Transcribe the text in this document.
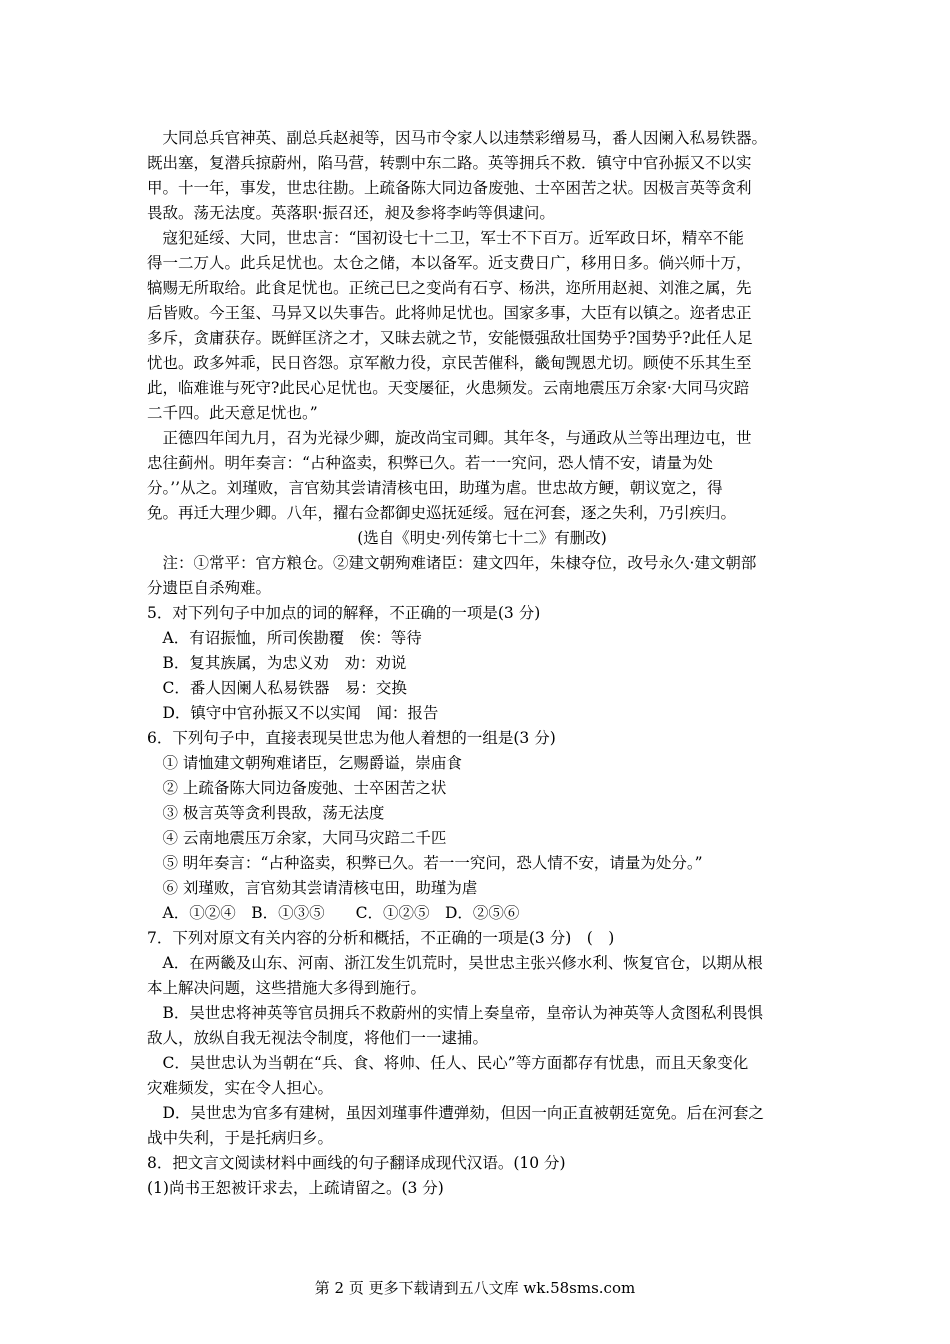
　大同总兵官神英、副总兵赵昶等，因马市令家人以违禁彩缯易马，番人因阑入私易铁器。
既出塞，复潜兵掠蔚州，陷马营，转剽中东二路。英等拥兵不救．镇守中官孙振又不以实
甲。十一年，事发，世忠往勘。上疏备陈大同边备废弛、士卒困苦之状。因极言英等贪利
畏敌。荡无法度。英落职·振召还，昶及参将李屿等俱逮问。
　寇犯延绥、大同，世忠言：“国初设七十二卫，军士不下百万。近军政日坏，精卒不能
得一二万人。此兵足忧也。太仓之储，本以备军。近支费日广，移用日多。倘兴师十万，
犒赐无所取给。此食足忧也。正统己巳之变尚有石亨、杨洪，迩所用赵昶、刘淮之属，先
后皆败。今王玺、马异又以失事告。此将帅足忧也。国家多事，大臣有以镇之。迩者忠正
多斥，贪庸获存。既鲜匡济之才，又昧去就之节，安能慑强敌壮国势乎?国势乎?此任人足
忧也。政多舛乖，民日咨怨。京军敝力役，京民苦催科，畿甸觊恩尤切。顾使不乐其生至
此，临难谁与死守?此民心足忧也。天变屡征，火患频发。云南地震压万余家·大同马灾踣
二千四。此天意足忧也。”
　正德四年闰九月，召为光禄少卿，旋改尚宝司卿。其年冬，与通政从兰等出理边屯，世
忠往蓟州。明年奏言：“占种盗卖，积弊已久。若一一究问，恐人情不安，请量为处
分。’’从之。刘瑾败，言官劾其尝请清核屯田，助瑾为虐。世忠故方鲠，朝议宽之，得
免。再迁大理少卿。八年，擢右佥都御史巡抚延绥。冠在河套，逐之失利，乃引疾归。
(选自《明史·列传第七十二》有删改)
　注：①常平：官方粮仓。②建文朝殉难诸臣：建文四年，朱棣夺位，改号永久·建文朝部
分遗臣自杀殉难。
5．对下列句子中加点的词的解释，不正确的一项是(3 分)
　A．有诏振恤，所司俟勘覆　俟：等待
　B．复其族属，为忠义劝　劝：劝说
　C．番人因阑人私易铁器　易：交换
　D．镇守中官孙振又不以实闻　闻：报告
6．下列句子中，直接表现吴世忠为他人着想的一组是(3 分)
　① 请恤建文朝殉难诸臣，乞赐爵谥，崇庙食
　② 上疏备陈大同边备废弛、士卒困苦之状
　③ 极言英等贪利畏敌，荡无法度
　④ 云南地震压万余家，大同马灾踣二千匹
　⑤ 明年奏言：“占种盗卖，积弊已久。若一一究问，恐人情不安，请量为处分。”
　⑥ 刘瑾败，言官劾其尝请清核屯田，助瑾为虐
　A．①②④　B．①③⑤　　C．①②⑤　D．②⑤⑥
7．下列对原文有关内容的分析和概括，不正确的一项是(3 分)　(　)
　A．在两畿及山东、河南、浙江发生饥荒时，吴世忠主张兴修水利、恢复官仓，以期从根
本上解决问题，这些措施大多得到施行。
　B．吴世忠将神英等官员拥兵不救蔚州的实情上奏皇帝，皇帝认为神英等人贪图私利畏惧
敌人，放纵自我无视法令制度，将他们一一逮捕。
　C．吴世忠认为当朝在“兵、食、将帅、任人、民心”等方面都存有忧患，而且天象变化
灾难频发，实在令人担心。
　D．吴世忠为官多有建树，虽因刘瑾事件遭弹劾，但因一向正直被朝廷宽免。后在河套之
战中失利，于是托病归乡。
8．把文言文阅读材料中画线的句子翻译成现代汉语。(10 分)
(1)尚书王恕被讦求去，上疏请留之。(3 分)
第 2 页 更多下载请到五八文库 wk.58sms.com
